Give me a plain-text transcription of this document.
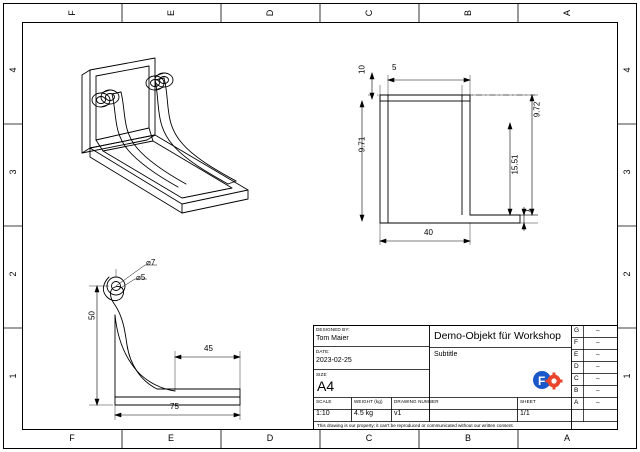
F	E	D	C	B	A
F	E	D	C	B	A
4
3
2
1
4
3
2
1
10	5
9.72
9.71
15.51
1
40
⌀7
⌀5
50
45
75
DESIGNED BY:
Tom Maier
DATE:
2023-02-25
SIZE
A4
SCALE
1:10
WEIGHT (kg)
4.5 kg
DRAWING NUMBER
v1
SHEET
1/1
Demo-Objekt für Workshop
Subtitle
F
G	–
F	–
E	–
D	–
C	–
B	–
A	–
This drawing is our property; it can't be reproduced or communicated without our written consent.
